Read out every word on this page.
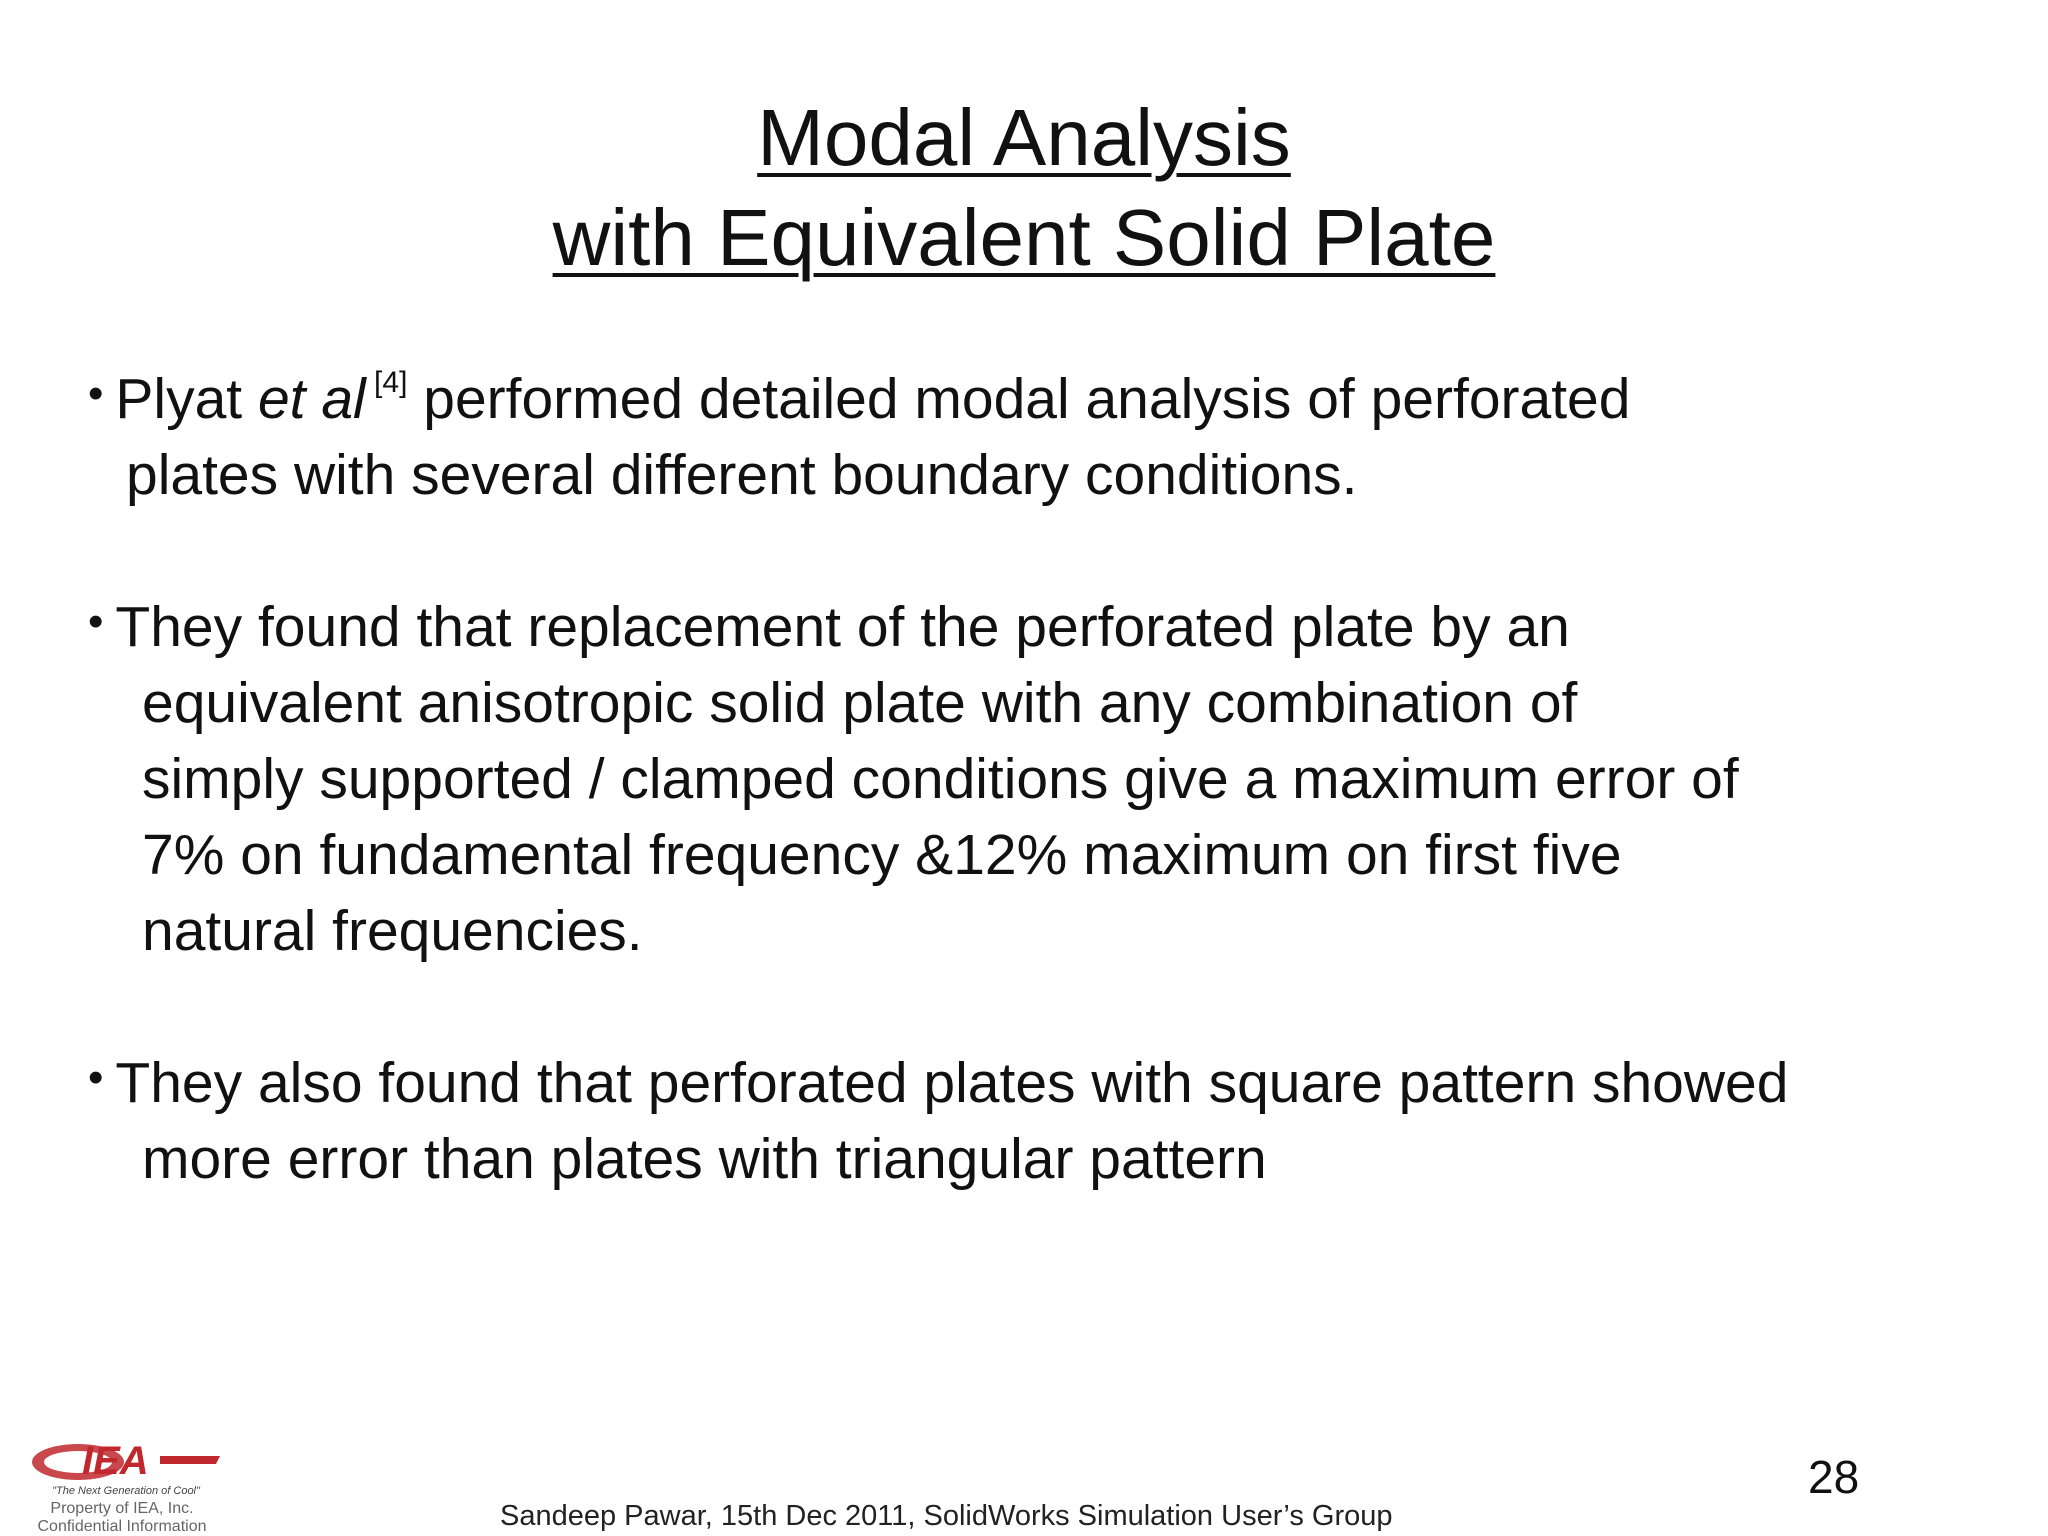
Modal Analysis
with Equivalent Solid Plate
• Plyat et al [4] performed detailed modal analysis of perforated
plates with several different boundary conditions.
• They found that replacement of the perforated plate by an
equivalent anisotropic solid plate with any combination of
simply supported / clamped conditions give a maximum error of
7% on fundamental frequency &12% maximum on first five
natural frequencies.
• They also found that perforated plates with square pattern showed
more error than plates with triangular pattern
IEA
"The Next Generation of Cool"
Property of IEA, Inc.
Confidential Information
28
Sandeep Pawar, 15th Dec 2011, SolidWorks Simulation User’s Group
